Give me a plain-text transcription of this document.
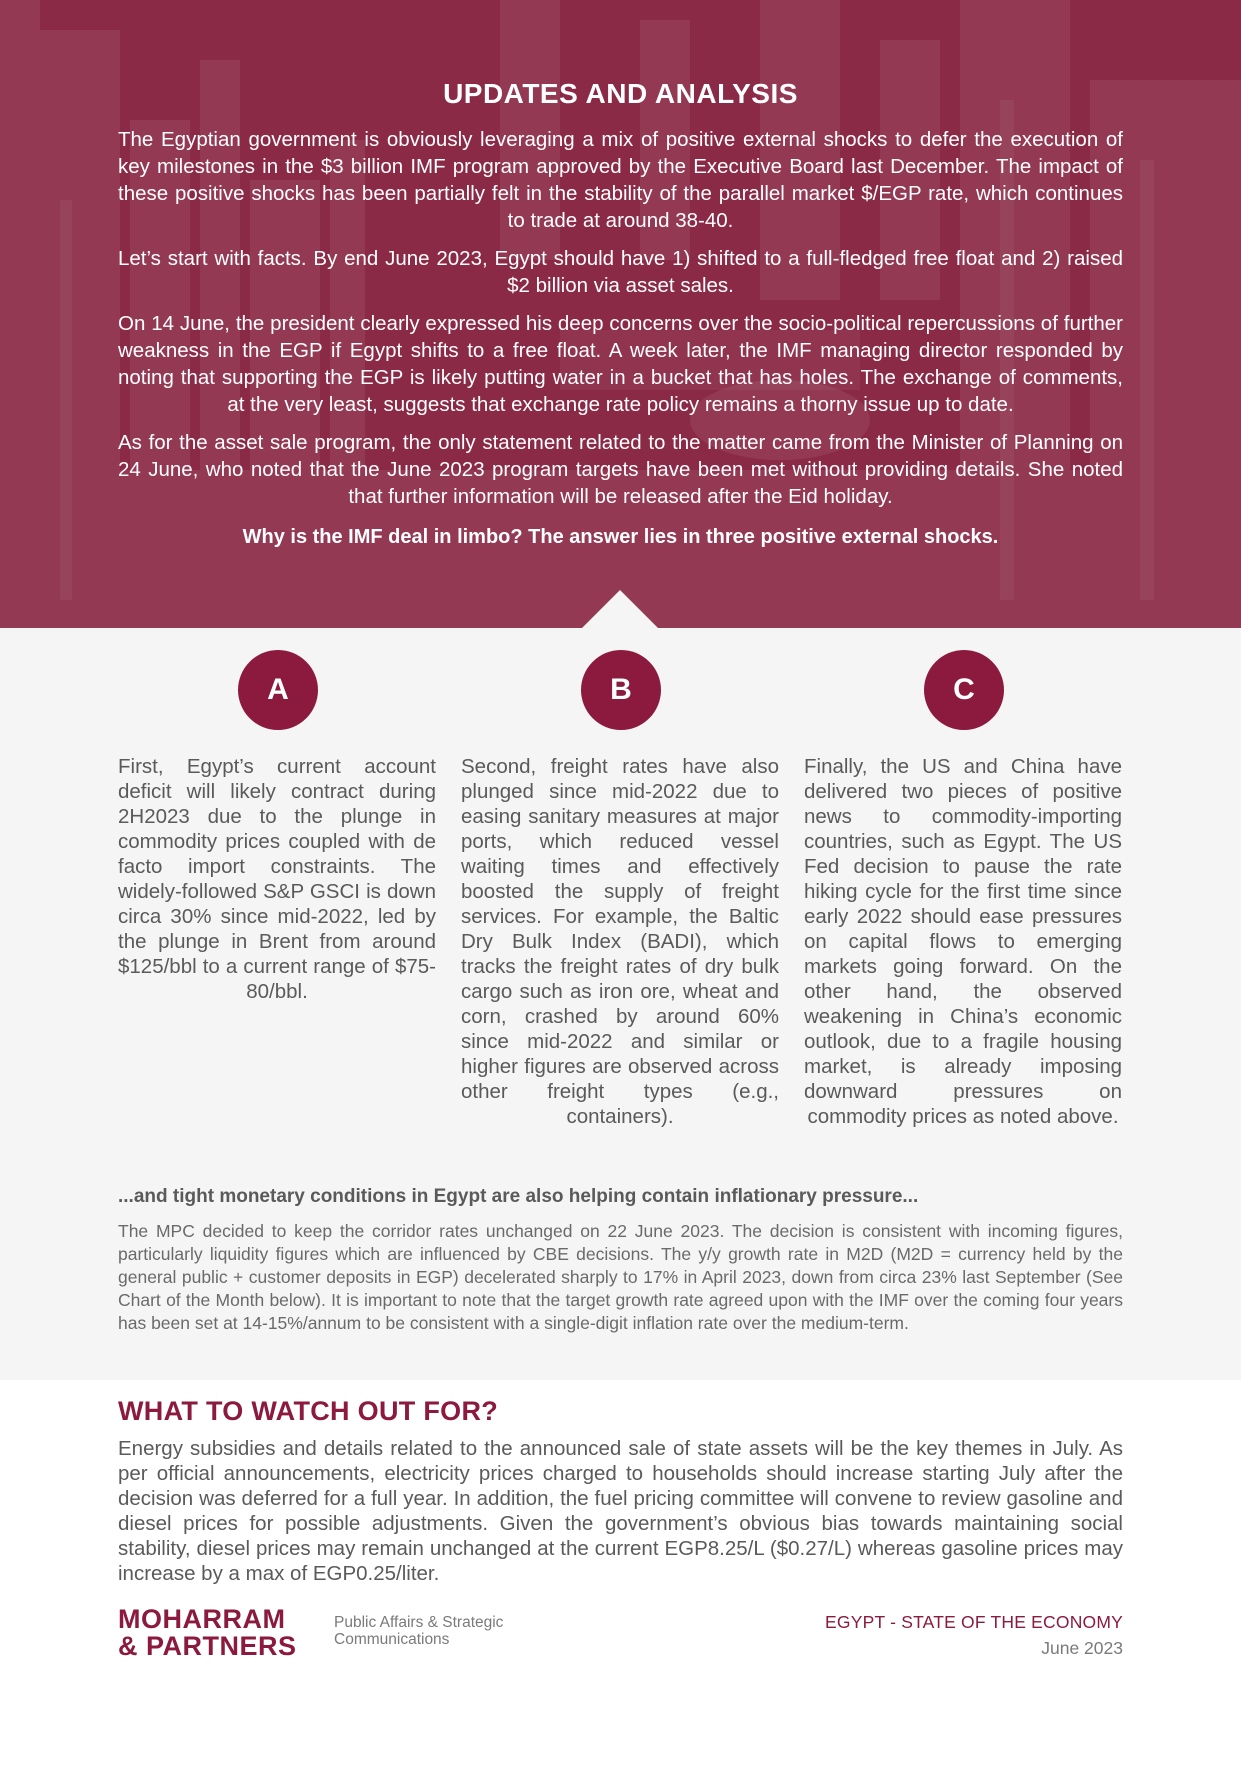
UPDATES AND ANALYSIS

The Egyptian government is obviously leveraging a mix of positive external shocks to defer the execution of key milestones in the $3 billion IMF program approved by the Executive Board last December. The impact of these positive shocks has been partially felt in the stability of the parallel market $/EGP rate, which continues to trade at around 38-40.

Let’s start with facts. By end June 2023, Egypt should have 1) shifted to a full-fledged free float and 2) raised $2 billion via asset sales.

On 14 June, the president clearly expressed his deep concerns over the socio-political repercussions of further weakness in the EGP if Egypt shifts to a free float. A week later, the IMF managing director responded by noting that supporting the EGP is likely putting water in a bucket that has holes. The exchange of comments, at the very least, suggests that exchange rate policy remains a thorny issue up to date.

As for the asset sale program, the only statement related to the matter came from the Minister of Planning on 24 June, who noted that the June 2023 program targets have been met without providing details. She noted that further information will be released after the Eid holiday.

Why is the IMF deal in limbo? The answer lies in three positive external shocks.

A	B	C
First, Egypt’s current account deficit will likely contract during 2H2023 due to the plunge in commodity prices coupled with de facto import constraints. The widely-followed S&P GSCI is down circa 30% since mid-2022, led by the plunge in Brent from around $125/bbl to a current range of $75-80/bbl.
Second, freight rates have also plunged since mid-2022 due to easing sanitary measures at major ports, which reduced vessel waiting times and effectively boosted the supply of freight services. For example, the Baltic Dry Bulk Index (BADI), which tracks the freight rates of dry bulk cargo such as iron ore, wheat and corn, crashed by around 60% since mid-2022 and similar or higher figures are observed across other freight types (e.g., containers).
Finally, the US and China have delivered two pieces of positive news to commodity-importing countries, such as Egypt. The US Fed decision to pause the rate hiking cycle for the first time since early 2022 should ease pressures on capital flows to emerging markets going forward. On the other hand, the observed weakening in China’s economic outlook, due to a fragile housing market, is already imposing downward pressures on commodity prices as noted above.
...and tight monetary conditions in Egypt are also helping contain inflationary pressure...

The MPC decided to keep the corridor rates unchanged on 22 June 2023. The decision is consistent with incoming figures, particularly liquidity figures which are influenced by CBE decisions. The y/y growth rate in M2D (M2D = currency held by the general public + customer deposits in EGP) decelerated sharply to 17% in April 2023, down from circa 23% last September (See Chart of the Month below). It is important to note that the target growth rate agreed upon with the IMF over the coming four years has been set at 14-15%/annum to be consistent with a single-digit inflation rate over the medium-term.

WHAT TO WATCH OUT FOR?

Energy subsidies and details related to the announced sale of state assets will be the key themes in July. As per official announcements, electricity prices charged to households should increase starting July after the decision was deferred for a full year. In addition, the fuel pricing committee will convene to review gasoline and diesel prices for possible adjustments. Given the government’s obvious bias towards maintaining social stability, diesel prices may remain unchanged at the current EGP8.25/L ($0.27/L) whereas gasoline prices may increase by a max of EGP0.25/liter.

MOHARRAM
& PARTNERS
Public Affairs & Strategic
Communications
EGYPT - STATE OF THE ECONOMY
June 2023
